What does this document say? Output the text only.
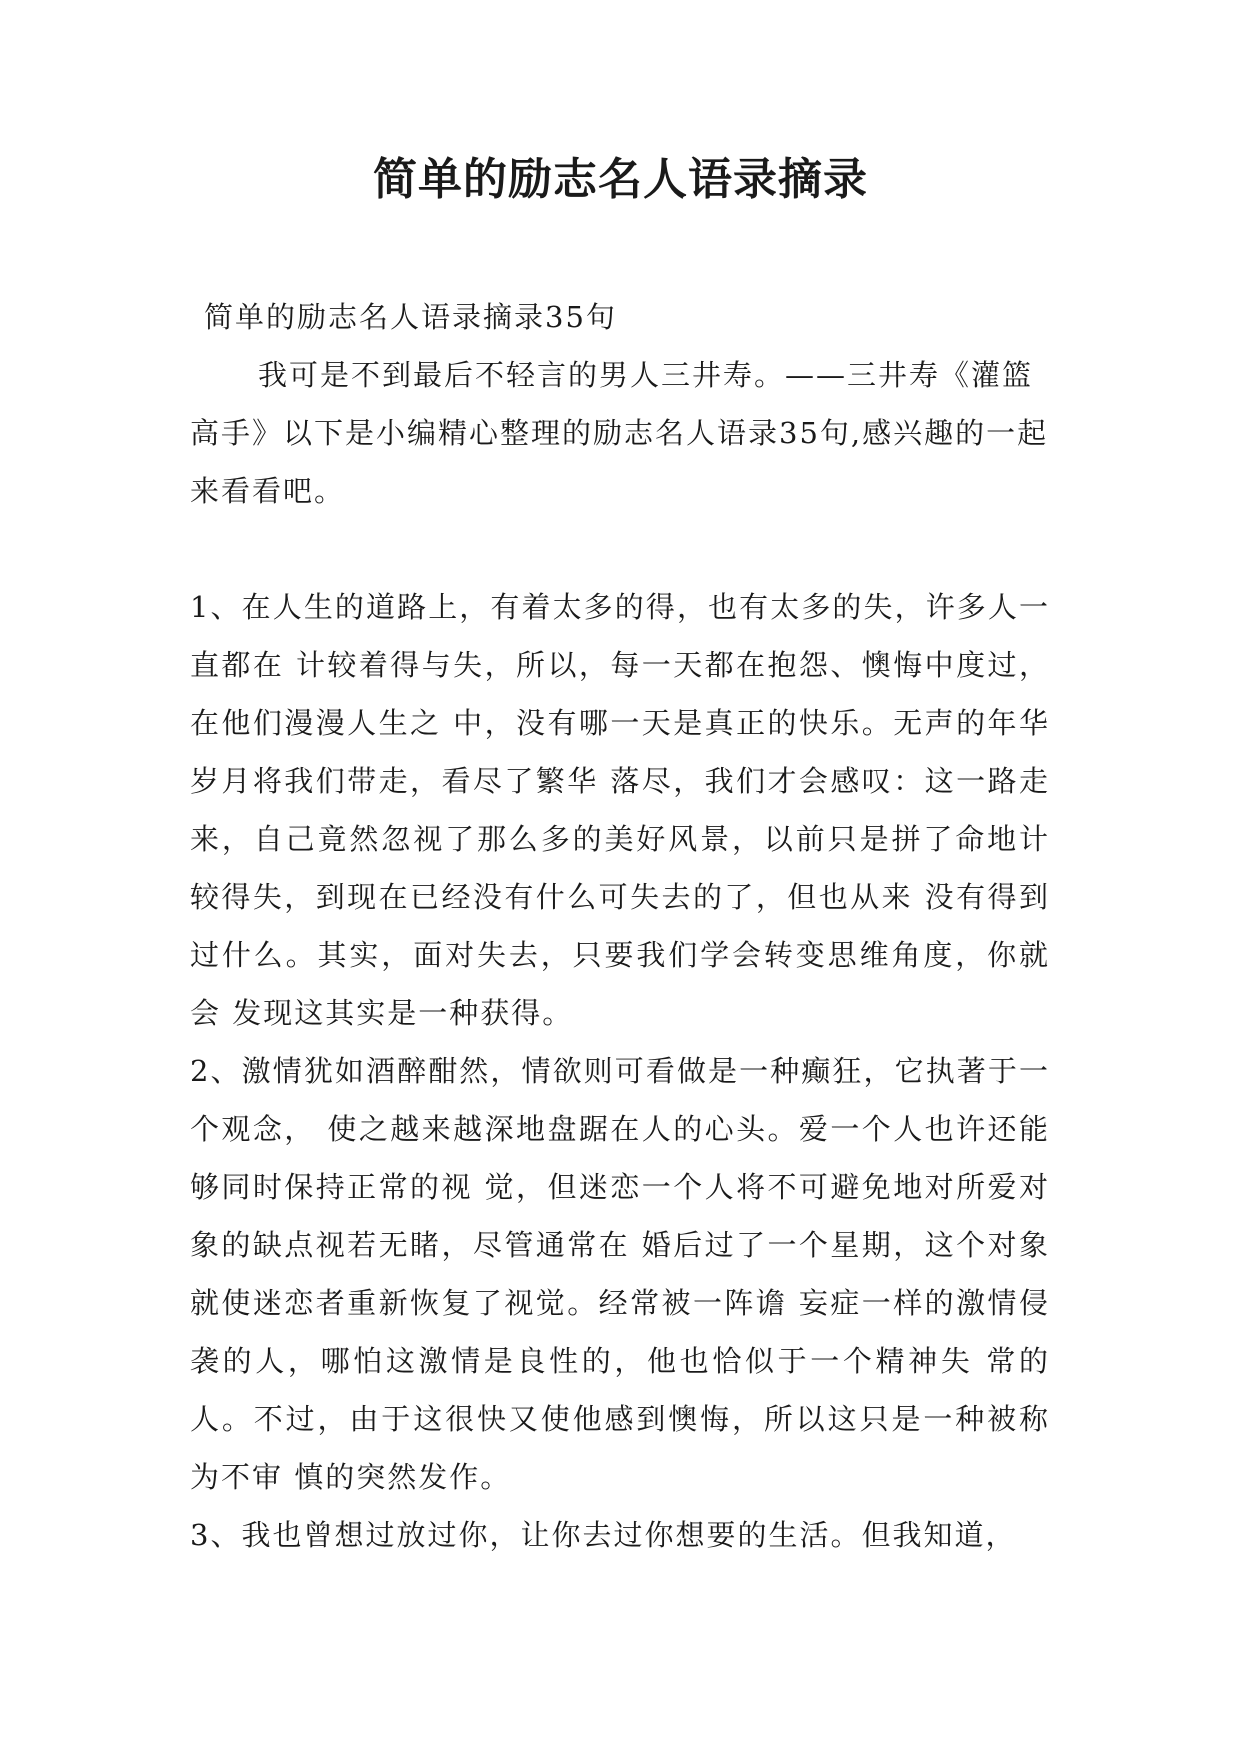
简单的励志名人语录摘录

简单的励志名人语录摘录35句

我可是不到最后不轻言的男人三井寿。——三井寿《灌篮高手》以下是小编精心整理的励志名人语录35句,感兴趣的一起来看看吧。

1、在人生的道路上，有着太多的得，也有太多的失，许多人一直都在 计较着得与失，所以，每一天都在抱怨、懊悔中度过，在他们漫漫人生之 中，没有哪一天是真正的快乐。无声的年华岁月将我们带走，看尽了繁华 落尽，我们才会感叹：这一路走来，自己竟然忽视了那么多的美好风景，以前只是拼了命地计较得失，到现在已经没有什么可失去的了，但也从来 没有得到过什么。其实，面对失去，只要我们学会转变思维角度，你就会 发现这其实是一种获得。

2、激情犹如酒醉酣然，情欲则可看做是一种癫狂，它执著于一个观念， 使之越来越深地盘踞在人的心头。爱一个人也许还能够同时保持正常的视 觉，但迷恋一个人将不可避免地对所爱对象的缺点视若无睹，尽管通常在 婚后过了一个星期，这个对象就使迷恋者重新恢复了视觉。经常被一阵谵 妄症一样的激情侵袭的人，哪怕这激情是良性的，他也恰似于一个精神失 常的人。不过，由于这很快又使他感到懊悔，所以这只是一种被称为不审 慎的突然发作。

3、我也曾想过放过你，让你去过你想要的生活。但我知道，
